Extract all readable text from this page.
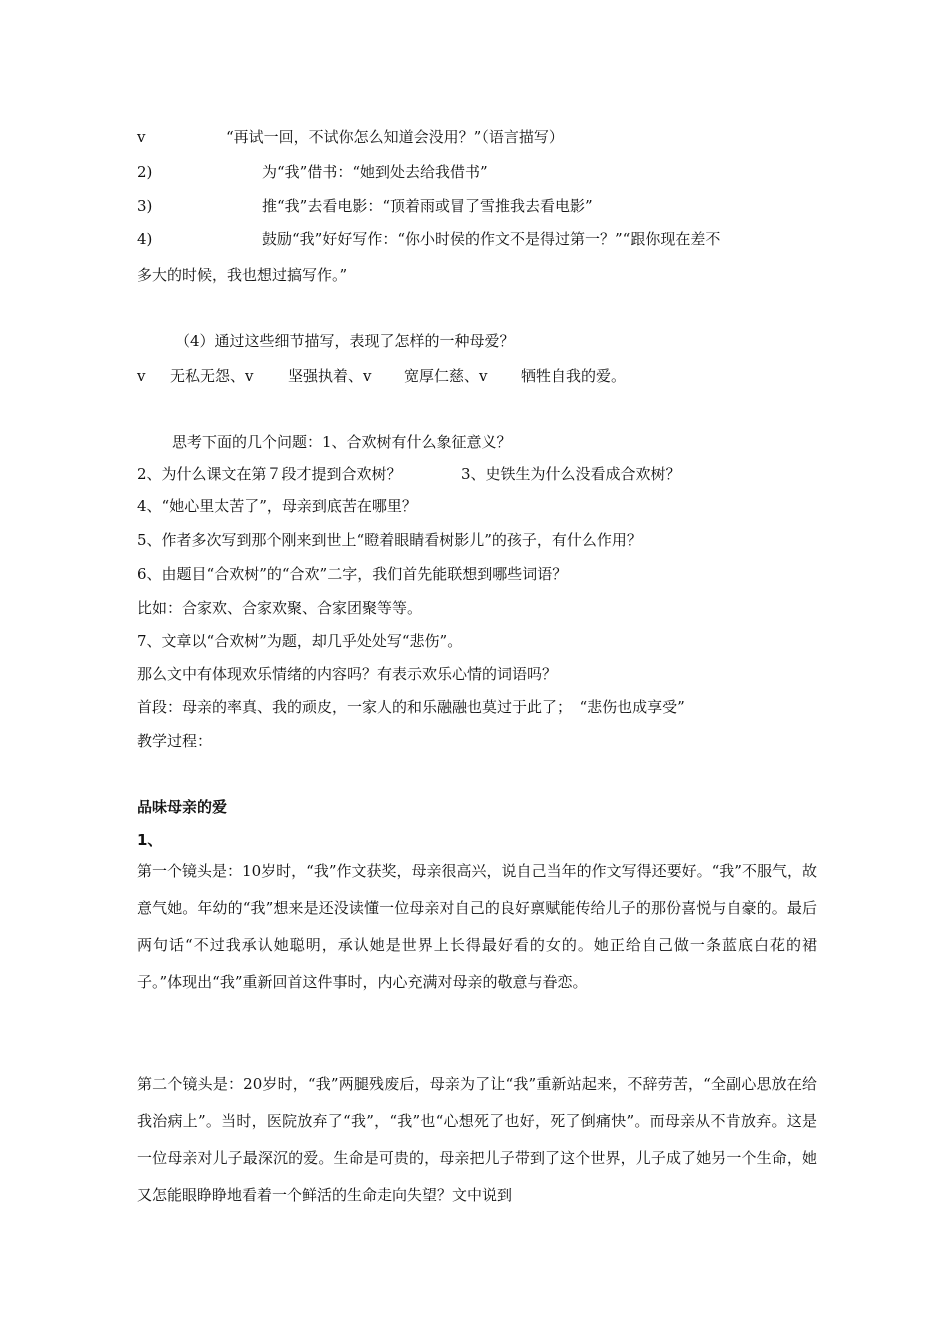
v	“再试一回，不试你怎么知道会没用？”（语言描写）
2)	为“我”借书：“她到处去给我借书”
3)	推“我”去看电影：“顶着雨或冒了雪推我去看电影”
4)	鼓励“我”好好写作：“你小时侯的作文不是得过第一？”“跟你现在差不
多大的时候，我也想过搞写作。”
（4）通过这些细节描写，表现了怎样的一种母爱？
v 无私无怨、v 坚强执着、v 宽厚仁慈、v 牺牲自我的爱。
思考下面的几个问题：1、合欢树有什么象征意义？
2、为什么课文在第７段才提到合欢树？	3、史铁生为什么没看成合欢树？
4、“她心里太苦了”，母亲到底苦在哪里？
5、作者多次写到那个刚来到世上“瞪着眼睛看树影儿”的孩子，有什么作用？
6、由题目“合欢树”的“合欢”二字，我们首先能联想到哪些词语？
比如：合家欢、合家欢聚、合家团聚等等。
7、文章以“合欢树”为题，却几乎处处写“悲伤”。
那么文中有体现欢乐情绪的内容吗？有表示欢乐心情的词语吗？
首段：母亲的率真、我的顽皮，一家人的和乐融融也莫过于此了；　“悲伤也成享受”
教学过程：
品味母亲的爱
1、
第一个镜头是：10岁时，“我”作文获奖，母亲很高兴，说自己当年的作文写得还要好。“我”不服气，故意气她。年幼的“我”想来是还没读懂一位母亲对自己的良好禀赋能传给儿子的那份喜悦与自豪的。最后两句话“不过我承认她聪明，承认她是世界上长得最好看的女的。她正给自己做一条蓝底白花的裙子。”体现出“我”重新回首这件事时，内心充满对母亲的敬意与眷恋。
第二个镜头是：20岁时，“我”两腿残废后，母亲为了让“我”重新站起来，不辞劳苦，“全副心思放在给我治病上”。当时，医院放弃了“我”，“我”也“心想死了也好，死了倒痛快”。而母亲从不肯放弃。这是一位母亲对儿子最深沉的爱。生命是可贵的，母亲把儿子带到了这个世界，儿子成了她另一个生命，她又怎能眼睁睁地看着一个鲜活的生命走向失望？文中说到
